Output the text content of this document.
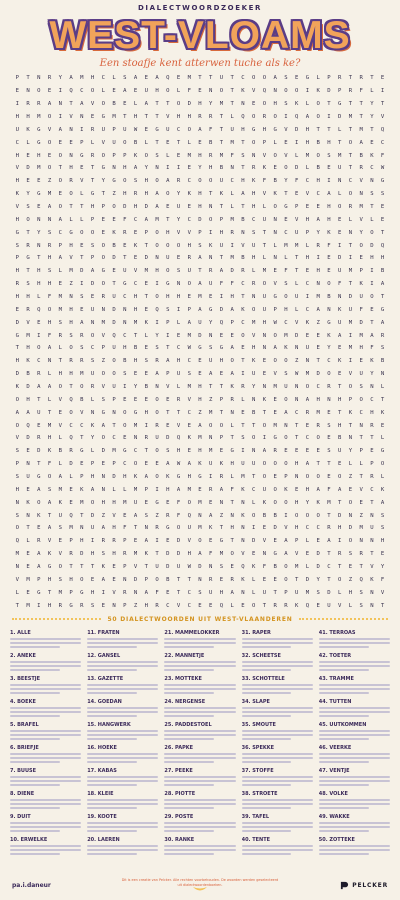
DIALECTWOORDZOEKER
WEST-VLOAMS
Een stoafje kent atterwen tuche als ke?
P	T	N	R	Y	A	M	H	C	L	S	A	E	A	Q	E	M	T	T	U	T	C	O	O	A	S	E	G	L	P	R	T	R	T	E
E	N	O	E	I	Q	C	O	L	E	A	E	U	H	O	L	F	E	N	O	T	K	V	Q	N	O	O	I	K	D	P	R	F	L	I
I	R	R	A	N	T	A	V	O	B	E	L	A	T	T	O	D	H	Y	M	T	N	E	O	H	S	K	L	O	T	G	T	T	Y	T
H	H	M	O	I	V	N	E	G	M	T	H	T	T	V	H	H	R	R	T	L	Q	O	R	O	I	Q	A	O	I	D	M	T	Y	V
U	K	G	V	A	N	I	R	U	P	U	W	E	G	U	C	O	A	F	T	U	H	G	H	G	V	D	H	T	T	L	T	M	T	Q
C	L	G	O	E	E	P	L	V	U	O	B	L	T	E	T	L	E	B	T	M	T	O	P	L	E	I	H	B	H	T	O	A	E	C
H	E	H	E	O	N	G	R	O	P	P	K	O	S	L	E	M	H	R	M	F	S	N	V	O	V	L	M	O	S	M	T	B	K	F
V	D	M	O	T	H	E	T	G	N	H	A	Y	N	I	I	E	Y	H	B	N	T	R	K	E	O	D	L	B	E	U	T	R	C	W
H	E	E	Z	O	R	V	T	Y	G	O	S	H	O	A	R	C	O	O	U	C	H	K	F	B	Y	F	C	H	I	N	C	V	N	G
K	Y	G	M	E	O	L	G	T	Z	H	R	H	A	O	Y	K	H	T	K	L	A	H	V	K	T	E	V	C	A	L	O	N	S	S
V	S	E	A	O	T	T	H	P	O	D	H	D	A	E	U	E	H	N	T	L	T	H	L	O	G	P	E	E	H	O	R	M	T	E
H	O	N	N	A	L	L	P	E	E	F	C	A	M	T	Y	C	D	O	P	M	B	C	U	N	E	V	H	A	H	E	L	V	L	E
G	T	Y	S	C	G	O	O	E	K	R	E	P	O	H	V	V	P	I	H	R	N	S	T	N	C	U	P	Y	K	E	N	Y	O	T
S	R	N	R	P	H	E	S	O	B	E	K	T	O	O	O	H	S	K	U	I	V	U	T	L	M	M	L	R	F	I	T	O	D	Q
P	G	T	H	A	V	T	P	O	D	T	E	D	N	U	E	R	A	N	T	M	B	H	L	N	L	T	H	I	E	D	I	E	H	H
H	T	H	S	L	M	D	A	G	E	U	V	M	H	O	S	U	T	R	A	D	R	L	M	E	F	T	E	H	E	U	M	P	I	B
R	S	H	H	E	Z	I	D	O	T	G	C	E	I	G	N	O	A	U	F	F	C	R	O	V	S	L	C	N	O	F	T	K	I	A
H	H	L	F	M	N	S	E	R	U	C	H	T	O	H	H	E	M	E	I	H	T	N	U	G	O	U	I	M	B	N	D	U	O	T
E	R	Q	O	M	H	E	U	N	D	N	H	E	Q	S	I	P	A	G	D	A	K	O	U	P	H	L	C	A	N	K	U	F	E	G
D	V	E	H	S	H	A	N	M	D	N	M	K	I	P	L	A	U	Y	Q	P	C	M	H	W	C	V	K	Z	G	U	M	D	T	A
G	M	I	F	R	S	R	O	V	Q	C	T	L	Y	I	E	M	D	N	E	E	O	V	N	O	M	D	E	E	K	A	I	M	A	R
T	H	O	A	L	O	S	C	P	U	H	B	E	S	T	C	W	G	S	G	A	E	H	N	A	K	N	U	E	Y	E	M	H	F	S
H	K	C	N	T	R	R	S	Z	O	B	H	S	R	A	H	C	E	U	H	O	T	K	E	O	O	Z	N	T	C	K	I	E	K	B
D	B	R	L	H	H	M	U	O	O	S	E	E	A	P	U	S	E	A	E	A	I	U	E	V	S	W	M	D	O	E	V	U	Y	N
K	D	A	A	O	T	O	R	V	U	I	Y	B	N	V	L	M	H	T	T	K	R	Y	N	M	U	N	O	C	R	T	O	S	N	L
O	H	T	L	V	Q	B	L	S	P	E	E	E	O	E	R	V	H	Z	P	R	L	N	K	E	O	N	A	H	N	H	P	O	C	T
A	A	U	T	E	O	V	N	G	N	O	G	H	O	T	T	C	Z	M	T	N	E	B	T	E	A	C	R	M	E	T	K	C	H	K
O	Q	E	M	V	C	C	K	A	T	O	M	I	R	E	V	E	A	O	O	L	T	T	O	M	N	T	E	R	S	H	T	N	R	E
V	D	R	H	L	Q	T	Y	O	C	E	N	R	U	D	Q	K	M	N	P	T	S	O	I	G	O	T	C	O	E	B	N	T	T	L
S	E	D	K	B	R	G	L	D	M	G	C	T	O	S	H	E	H	M	E	G	I	N	A	R	E	E	E	E	S	U	Y	P	E	G
P	N	T	F	L	D	E	P	E	P	C	O	E	E	A	W	A	K	U	K	H	U	U	O	O	O	H	A	T	T	E	L	L	P	O
S	U	G	O	A	L	P	H	N	D	H	K	A	O	K	G	H	G	I	R	L	M	T	O	E	P	N	O	O	E	O	Z	T	R	L
H	E	A	S	M	E	K	A	N	L	L	M	P	I	H	A	M	E	R	A	F	K	C	U	O	K	E	H	A	F	A	E	V	C	K
N	K	O	A	K	E	M	O	H	H	M	U	E	G	E	F	O	M	E	N	T	N	L	K	O	O	H	Y	K	M	T	O	E	T	A
S	N	K	T	U	Q	T	D	Z	V	E	A	S	Z	R	F	Q	N	A	Z	N	K	O	B	B	I	O	O	O	T	D	N	Z	N	S
O	T	E	A	S	M	N	U	A	H	F	T	N	R	G	O	U	M	K	T	H	N	I	E	D	V	H	C	C	R	H	D	M	U	S
Q	L	R	V	E	P	H	I	R	R	P	E	A	I	E	D	V	O	E	G	T	N	D	V	E	A	P	L	E	A	I	O	N	N	H
M	E	A	K	V	R	D	H	S	H	R	M	K	T	D	D	H	A	F	M	O	V	E	N	G	A	V	E	D	T	R	S	R	T	E
N	E	A	G	O	T	T	T	K	E	P	V	T	U	D	U	W	D	N	S	E	Q	K	F	B	O	M	L	D	C	T	E	T	V	Y
V	M	P	H	S	H	O	E	A	E	N	D	P	O	B	T	T	N	R	E	R	K	L	E	E	O	T	D	Y	T	O	Z	Q	K	F
L	E	G	T	M	P	G	H	I	V	R	N	A	F	E	T	C	S	U	H	A	N	L	U	T	P	U	M	S	D	L	H	S	N	V
T	M	I	H	R	G	R	S	E	N	P	Z	H	R	C	V	C	E	E	Q	L	E	O	T	R	R	K	Q	E	U	V	L	S	N	T
50 DIALECTWOORDEN UIT WEST-VLAANDEREN
1. ALLE
2. ANEKE
3. BEESTJE
4. BOEKE
5. BRAFEL
6. BRIEFJE
7. BUUSE
8. DIENE
9. DUIT
10. ERWELKE
11. FRATEN
12. GANSEL
13. GAZETTE
14. GOEDAN
15. HANGWERK
16. HOEKE
17. KABAS
18. KLEIE
19. KOOTE
20. LAEREN
21. MAMMELOKKER
22. MANNETJE
23. MOTTEKE
24. NERGENSE
25. PADDESTOEL
26. PAPKE
27. PEEKE
28. PIOTTE
29. POSTE
30. RANKE
31. RAPER
32. SCHEETSE
33. SCHOTTELE
34. SLAPE
35. SMOUTE
36. SPEKKE
37. STOFFE
38. STROETE
39. TAFEL
40. TENTE
41. TERROAS
42. TOETER
43. TRAMME
44. TUTTEN
45. UUTKOMMEN
46. VEERKE
47. VENTJE
48. VOLKE
49. WAKKE
50. ZOTTEKE
pa.i.daneur
Dit is een creatie van Pelcker. Alle rechten voorbehouden. De woorden werden geselecteerd uit dialectwoordenboeken.	PELCKER
